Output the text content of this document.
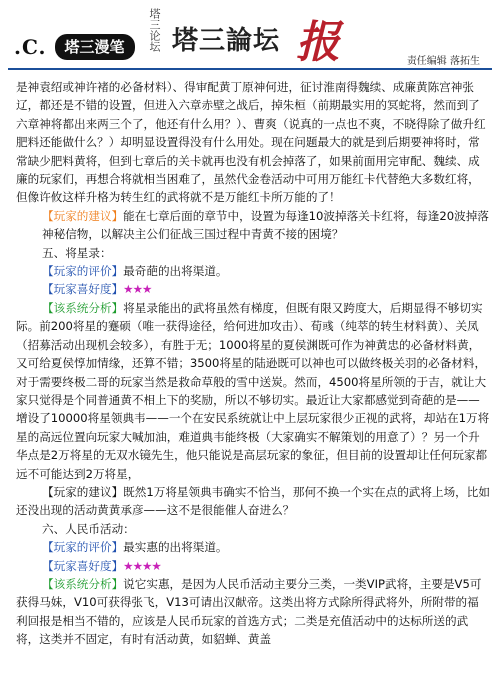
.C.	塔三漫笔	塔三论坛 塔三論坛 报	责任编辑 落拓生

是神袁绍或神许褚的必备材料）、得审配黄丁原神何进，征讨淮南得魏续、成廉黄陈宫神张辽，都还是不错的设置，但进入六章赤壁之战后，掉朱桓（前期最实用的冥蛇将，然而到了六章神将都出来两三个了，他还有什么用？）、曹爽（说真的一点也不爽，不晓得除了做升红肥料还能做什么？）却明显设置得没有什么用处。现在问题最大的就是到后期要神将时，常常缺少肥料黄将，但到七章后的关卡就再也没有机会掉落了，如果前面用完审配、魏续、成廉的玩家们，再想合将就相当困难了，虽然代金卷活动中可用万能红卡代替绝大多数红将，但像许攸这样升格为转生红的武将就不是万能红卡所万能的了！

【玩家的建议】能在七章后面的章节中，设置为每逢10波掉落关卡红将，每逢20波掉落神秘信物，以解决主公们征战三国过程中青黄不接的困境？

五、将星录：

【玩家的评价】最奇葩的出将渠道。

【玩家喜好度】★★★

【该系统分析】将星录能出的武将虽然有梯度，但既有限又跨度大，后期显得不够切实际。前200将星的蹇硕（唯一获得途径，给何进加攻击）、荀彧（纯萃的转生材料黄）、关凤（招募活动出现机会较多），有胜于无；1000将星的夏侯渊既可作为神黄忠的必备材料黄，又可给夏侯惇加情缘，还算不错；3500将星的陆逊既可以神也可以做终极关羽的必备材料，对于需要终极二哥的玩家当然是救命草般的雪中送炭。然而，4500将星所领的于吉，就让大家只觉得是个同普通黄不相上下的奖励，所以不够切实。最近让大家都感觉到奇葩的是——增设了10000将星领典韦——一个在安民系统就让中上层玩家很少正视的武将，却站在1万将星的高远位置向玩家大喊加油，难道典韦能终极（大家确实不解策划的用意了）？另一个升华点是2万将星的无双水镜先生，他只能说是高层玩家的象征，但目前的设置却让任何玩家都远不可能达到2万将星，

【玩家的建议】既然1万将星领典韦确实不恰当，那何不换一个实在点的武将上场，比如还没出现的活动黄黄承彦——这不是很能催人奋进么？

六、人民币活动：

【玩家的评价】最实惠的出将渠道。

【玩家喜好度】★★★★

【该系统分析】说它实惠，是因为人民币活动主要分三类，一类VIP武将，主要是V5可获得马妹，V10可获得张飞，V13可请出汉献帝。这类出将方式除所得武将外，所附带的福利回报是相当不错的，应该是人民币玩家的首选方式；二类是充值活动中的达标所送的武将，这类并不固定，有时有活动黄，如貂蝉、黄盖
